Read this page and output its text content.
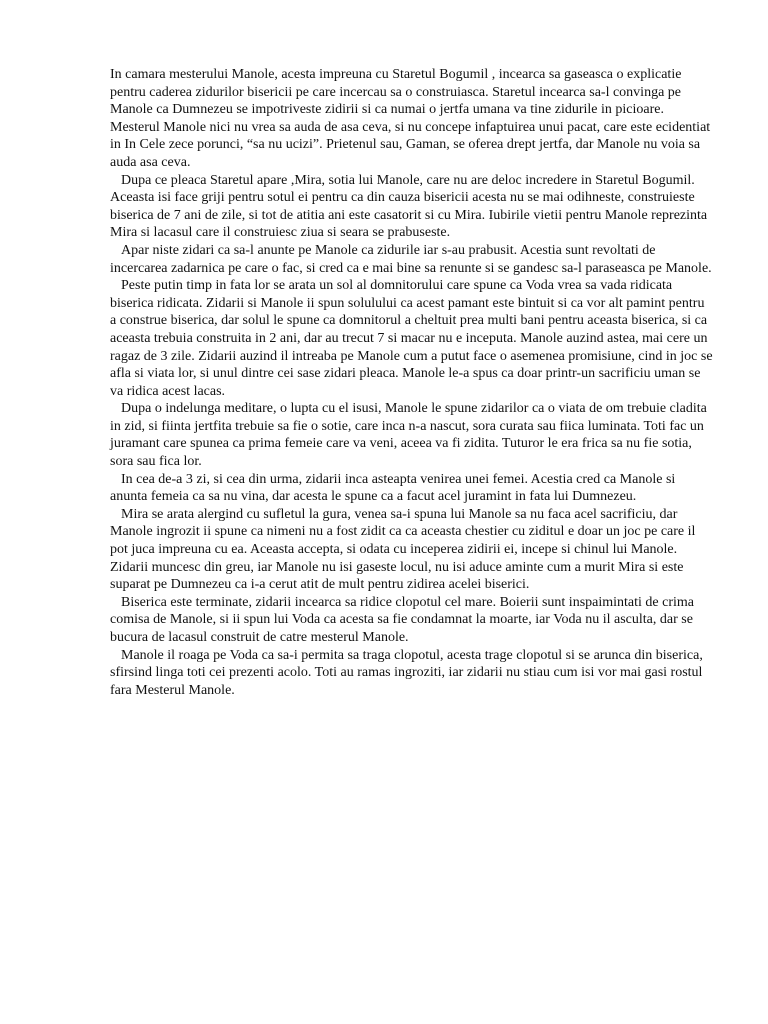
In camara mesterului Manole, acesta impreuna cu Staretul Bogumil , incearca sa gaseasca o explicatie pentru caderea zidurilor bisericii pe care incercau sa o construiasca. Staretul incearca sa-l convinga pe Manole ca Dumnezeu se impotriveste zidirii si ca numai o jertfa umana va tine zidurile in picioare. Mesterul Manole nici nu vrea sa auda de asa ceva, si nu concepe infaptuirea unui pacat, care este ecidentiat in In Cele zece porunci, “sa nu ucizi”. Prietenul sau, Gaman, se oferea drept jertfa, dar Manole nu voia sa auda asa ceva.

Dupa ce pleaca Staretul apare ,Mira, sotia lui Manole, care nu are deloc incredere in Staretul Bogumil. Aceasta isi face griji pentru sotul ei pentru ca din cauza bisericii acesta nu se mai odihneste, construieste biserica de 7 ani de zile, si tot de atitia ani este casatorit si cu Mira. Iubirile vietii pentru Manole reprezinta Mira si lacasul care il construiesc ziua si seara se prabuseste.

Apar niste zidari ca sa-l anunte pe Manole ca zidurile iar s-au prabusit. Acestia sunt revoltati de incercarea zadarnica pe care o fac, si cred ca e mai bine sa renunte si se gandesc sa-l paraseasca pe Manole.

Peste putin timp in fata lor se arata un sol al domnitorului care spune ca Voda vrea sa vada ridicata biserica ridicata. Zidarii si Manole ii spun solulului ca acest pamant este bintuit si ca vor alt pamint pentru a construe biserica, dar solul le spune ca domnitorul a cheltuit prea multi bani pentru aceasta biserica, si ca aceasta trebuia construita in 2 ani, dar au trecut 7 si macar nu e inceputa. Manole auzind astea, mai cere un ragaz de 3 zile. Zidarii auzind il intreaba pe Manole cum a putut face o asemenea promisiune, cind in joc se afla si viata lor, si unul dintre cei sase zidari pleaca. Manole le-a spus ca doar printr-un sacrificiu uman se va ridica acest lacas.

Dupa o indelunga meditare, o lupta cu el isusi, Manole le spune zidarilor ca o viata de om trebuie cladita in zid, si fiinta jertfita trebuie sa fie o sotie, care inca n-a nascut, sora curata sau fiica luminata. Toti fac un juramant care spunea ca prima femeie care va veni, aceea va fi zidita. Tuturor le era frica sa nu fie sotia, sora sau fica lor.

In cea de-a 3 zi, si cea din urma, zidarii inca asteapta venirea unei femei. Acestia cred ca Manole si anunta femeia ca sa nu vina, dar acesta le spune ca a facut acel juramint in fata lui Dumnezeu.

Mira se arata alergind cu sufletul la gura, venea sa-i spuna lui Manole sa nu faca acel sacrificiu, dar Manole ingrozit ii spune ca nimeni nu a fost zidit ca ca aceasta chestier cu ziditul e doar un joc pe care il pot juca impreuna cu ea. Aceasta accepta, si odata cu inceperea zidirii ei, incepe si chinul lui Manole. Zidarii muncesc din greu, iar Manole nu isi gaseste locul, nu isi aduce aminte cum a murit Mira si este suparat pe Dumnezeu ca i-a cerut atit de mult pentru zidirea acelei biserici.

Biserica este terminate, zidarii incearca sa ridice clopotul cel mare. Boierii sunt inspaimintati de crima comisa de Manole, si ii spun lui Voda ca acesta sa fie condamnat la moarte, iar Voda nu il asculta, dar se bucura de lacasul construit de catre mesterul Manole.

Manole il roaga pe Voda ca sa-i permita sa traga clopotul, acesta trage clopotul si se arunca din biserica, sfirsind linga toti cei prezenti acolo. Toti au ramas ingroziti, iar zidarii nu stiau cum isi vor mai gasi rostul fara Mesterul Manole.
